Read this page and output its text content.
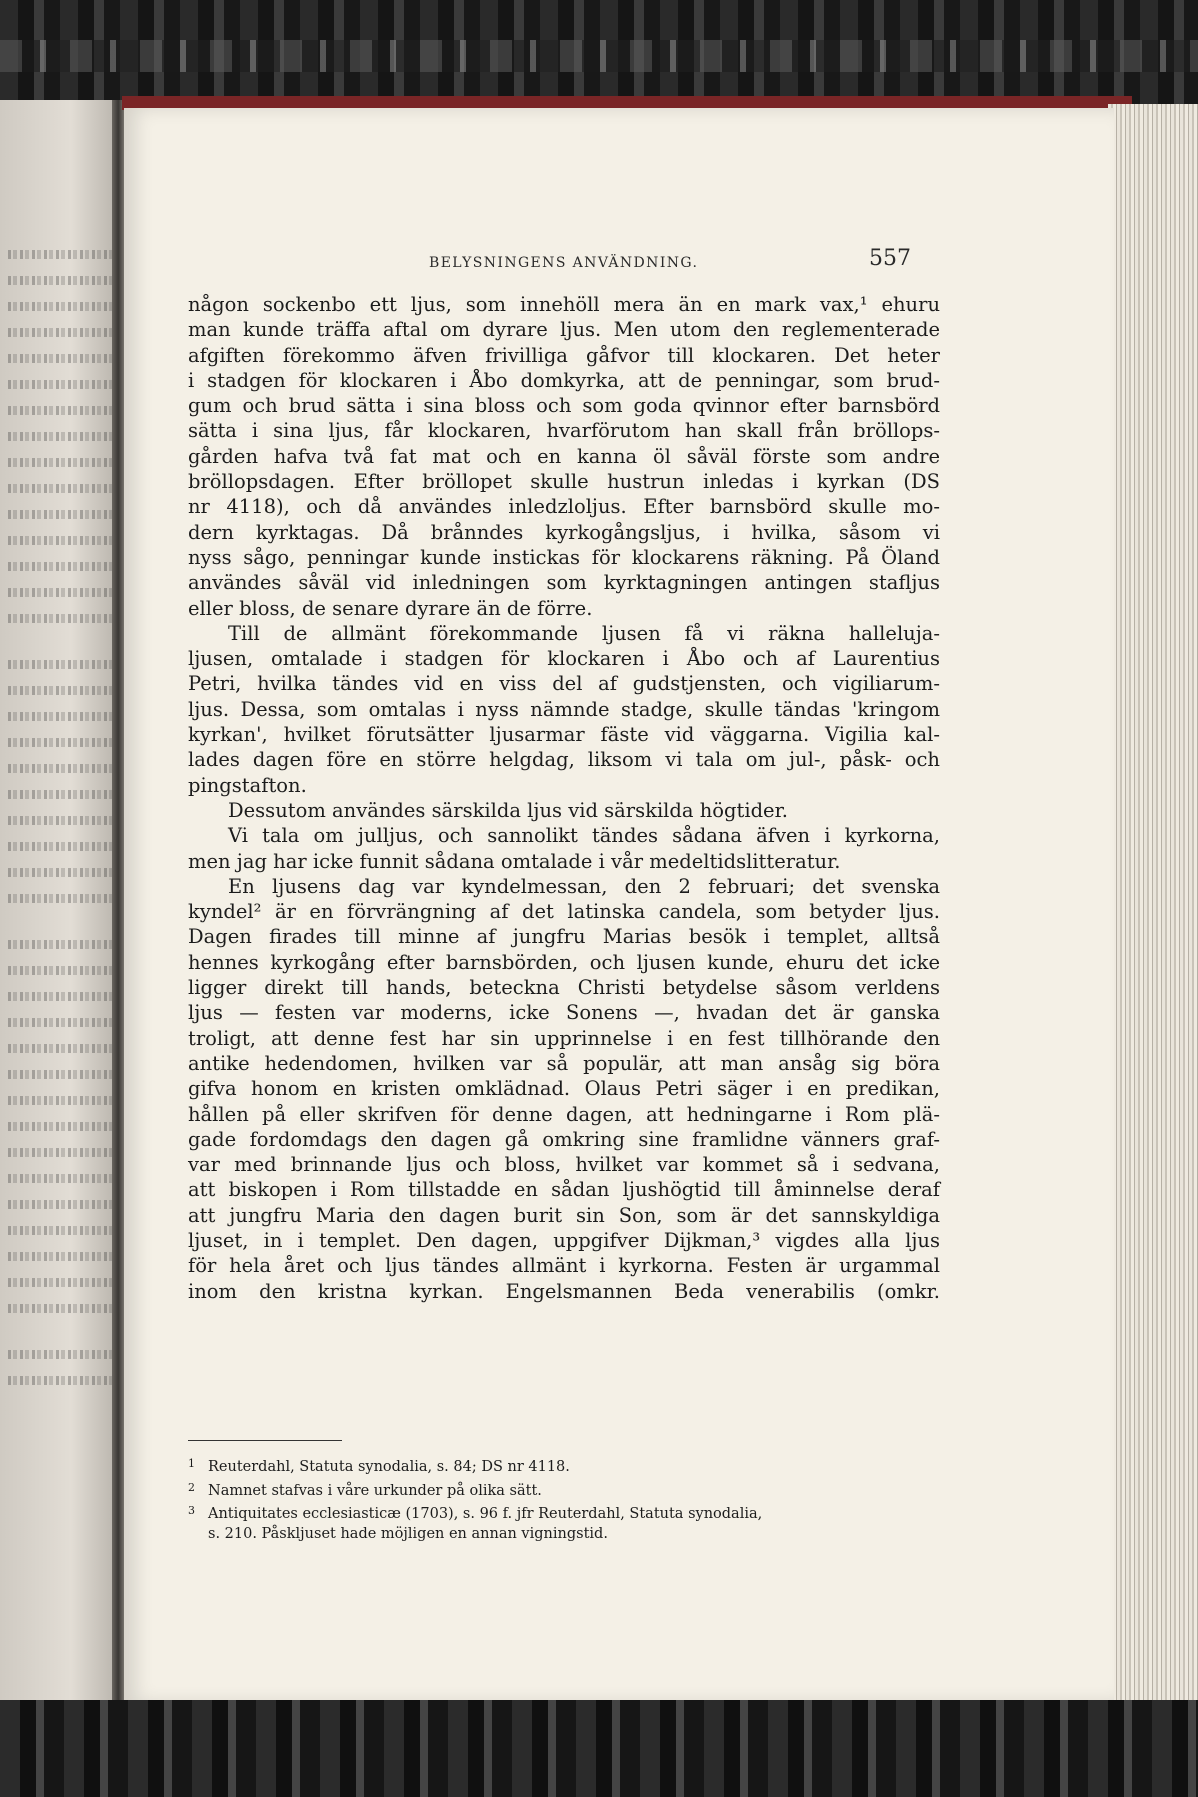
BELYSNINGENS ANVÄNDNING.	557
någon sockenbo ett ljus, som innehöll mera än en mark vax,¹ ehuru
man kunde träffa aftal om dyrare ljus. Men utom den reglementerade
afgiften förekommo äfven frivilliga gåfvor till klockaren. Det heter
i stadgen för klockaren i Åbo domkyrka, att de penningar, som brud-
gum och brud sätta i sina bloss och som goda qvinnor efter barnsbörd
sätta i sina ljus, får klockaren, hvarförutom han skall från bröllops-
gården hafva två fat mat och en kanna öl såväl förste som andre
bröllopsdagen. Efter bröllopet skulle hustrun inledas i kyrkan (DS
nr 4118), och då användes inledzloljus. Efter barnsbörd skulle mo-
dern kyrktagas. Då brånndes kyrkogångsljus, i hvilka, såsom vi
nyss sågo, penningar kunde instickas för klockarens räkning. På Öland
användes såväl vid inledningen som kyrktagningen antingen stafljus
eller bloss, de senare dyrare än de förre.
Till de allmänt förekommande ljusen få vi räkna halleluja-
ljusen, omtalade i stadgen för klockaren i Åbo och af Laurentius
Petri, hvilka tändes vid en viss del af gudstjensten, och vigiliarum-
ljus. Dessa, som omtalas i nyss nämnde stadge, skulle tändas 'kringom
kyrkan', hvilket förutsätter ljusarmar fäste vid väggarna. Vigilia kal-
lades dagen före en större helgdag, liksom vi tala om jul-, påsk- och
pingstafton.
Dessutom användes särskilda ljus vid särskilda högtider.
Vi tala om julljus, och sannolikt tändes sådana äfven i kyrkorna,
men jag har icke funnit sådana omtalade i vår medeltidslitteratur.
En ljusens dag var kyndelmessan, den 2 februari; det svenska
kyndel² är en förvrängning af det latinska candela, som betyder ljus.
Dagen firades till minne af jungfru Marias besök i templet, alltså
hennes kyrkogång efter barnsbörden, och ljusen kunde, ehuru det icke
ligger direkt till hands, beteckna Christi betydelse såsom verldens
ljus — festen var moderns, icke Sonens —, hvadan det är ganska
troligt, att denne fest har sin upprinnelse i en fest tillhörande den
antike hedendomen, hvilken var så populär, att man ansåg sig böra
gifva honom en kristen omklädnad. Olaus Petri säger i en predikan,
hållen på eller skrifven för denne dagen, att hedningarne i Rom plä-
gade fordomdags den dagen gå omkring sine framlidne vänners graf-
var med brinnande ljus och bloss, hvilket var kommet så i sedvana,
att biskopen i Rom tillstadde en sådan ljushögtid till åminnelse deraf
att jungfru Maria den dagen burit sin Son, som är det sannskyldiga
ljuset, in i templet. Den dagen, uppgifver Dijkman,³ vigdes alla ljus
för hela året och ljus tändes allmänt i kyrkorna. Festen är urgammal
inom den kristna kyrkan. Engelsmannen Beda venerabilis (omkr.
1 Reuterdahl, Statuta synodalia, s. 84; DS nr 4118.
2 Namnet stafvas i våre urkunder på olika sätt.
3 Antiquitates ecclesiasticæ (1703), s. 96 f. jfr Reuterdahl, Statuta synodalia,
s. 210. Påskljuset hade möjligen en annan vigningstid.
